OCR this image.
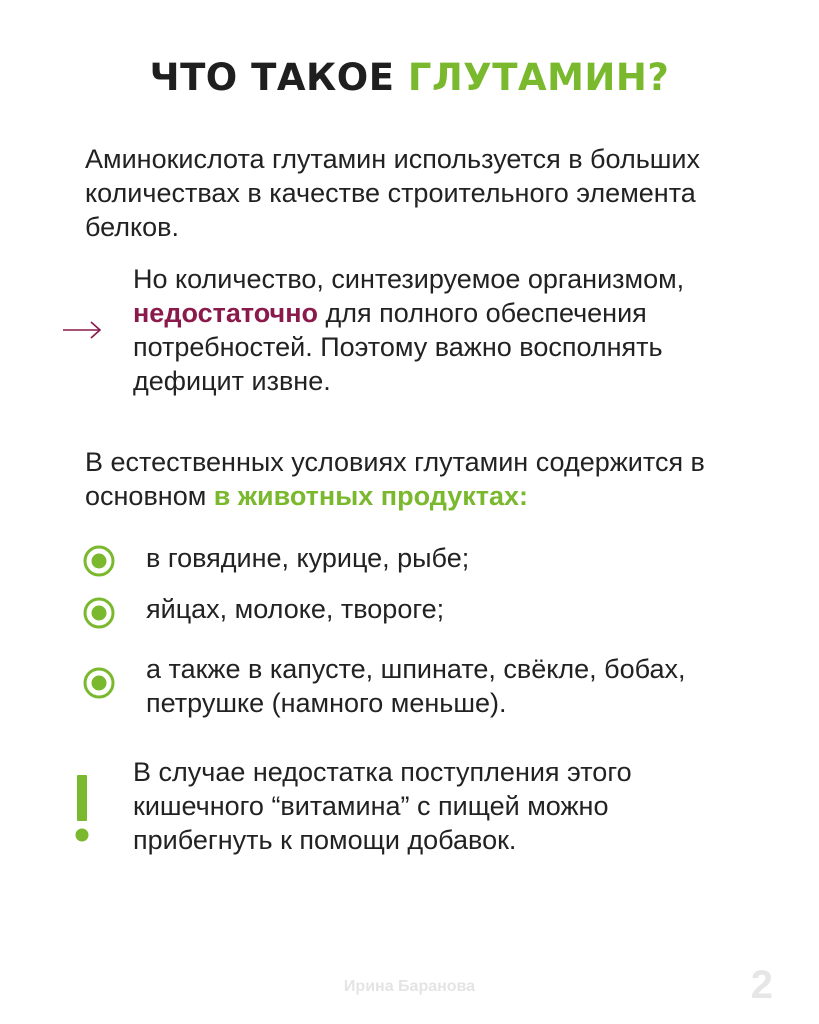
ЧТО ТАКОЕ ГЛУТАМИН?
Аминокислота глутамин используется в больших количествах в качестве строительного элемента белков.
Но количество, синтезируемое организмом, недостаточно для полного обеспечения потребностей. Поэтому важно восполнять дефицит извне.
В естественных условиях глутамин содержится в основном в животных продуктах:
в говядине, курице, рыбе;
яйцах, молоке, твороге;
а также в капусте, шпинате, свёкле, бобах, петрушке (намного меньше).
В случае недостатка поступления этого кишечного “витамина” с пищей можно прибегнуть к помощи добавок.
Ирина Баранова	2
